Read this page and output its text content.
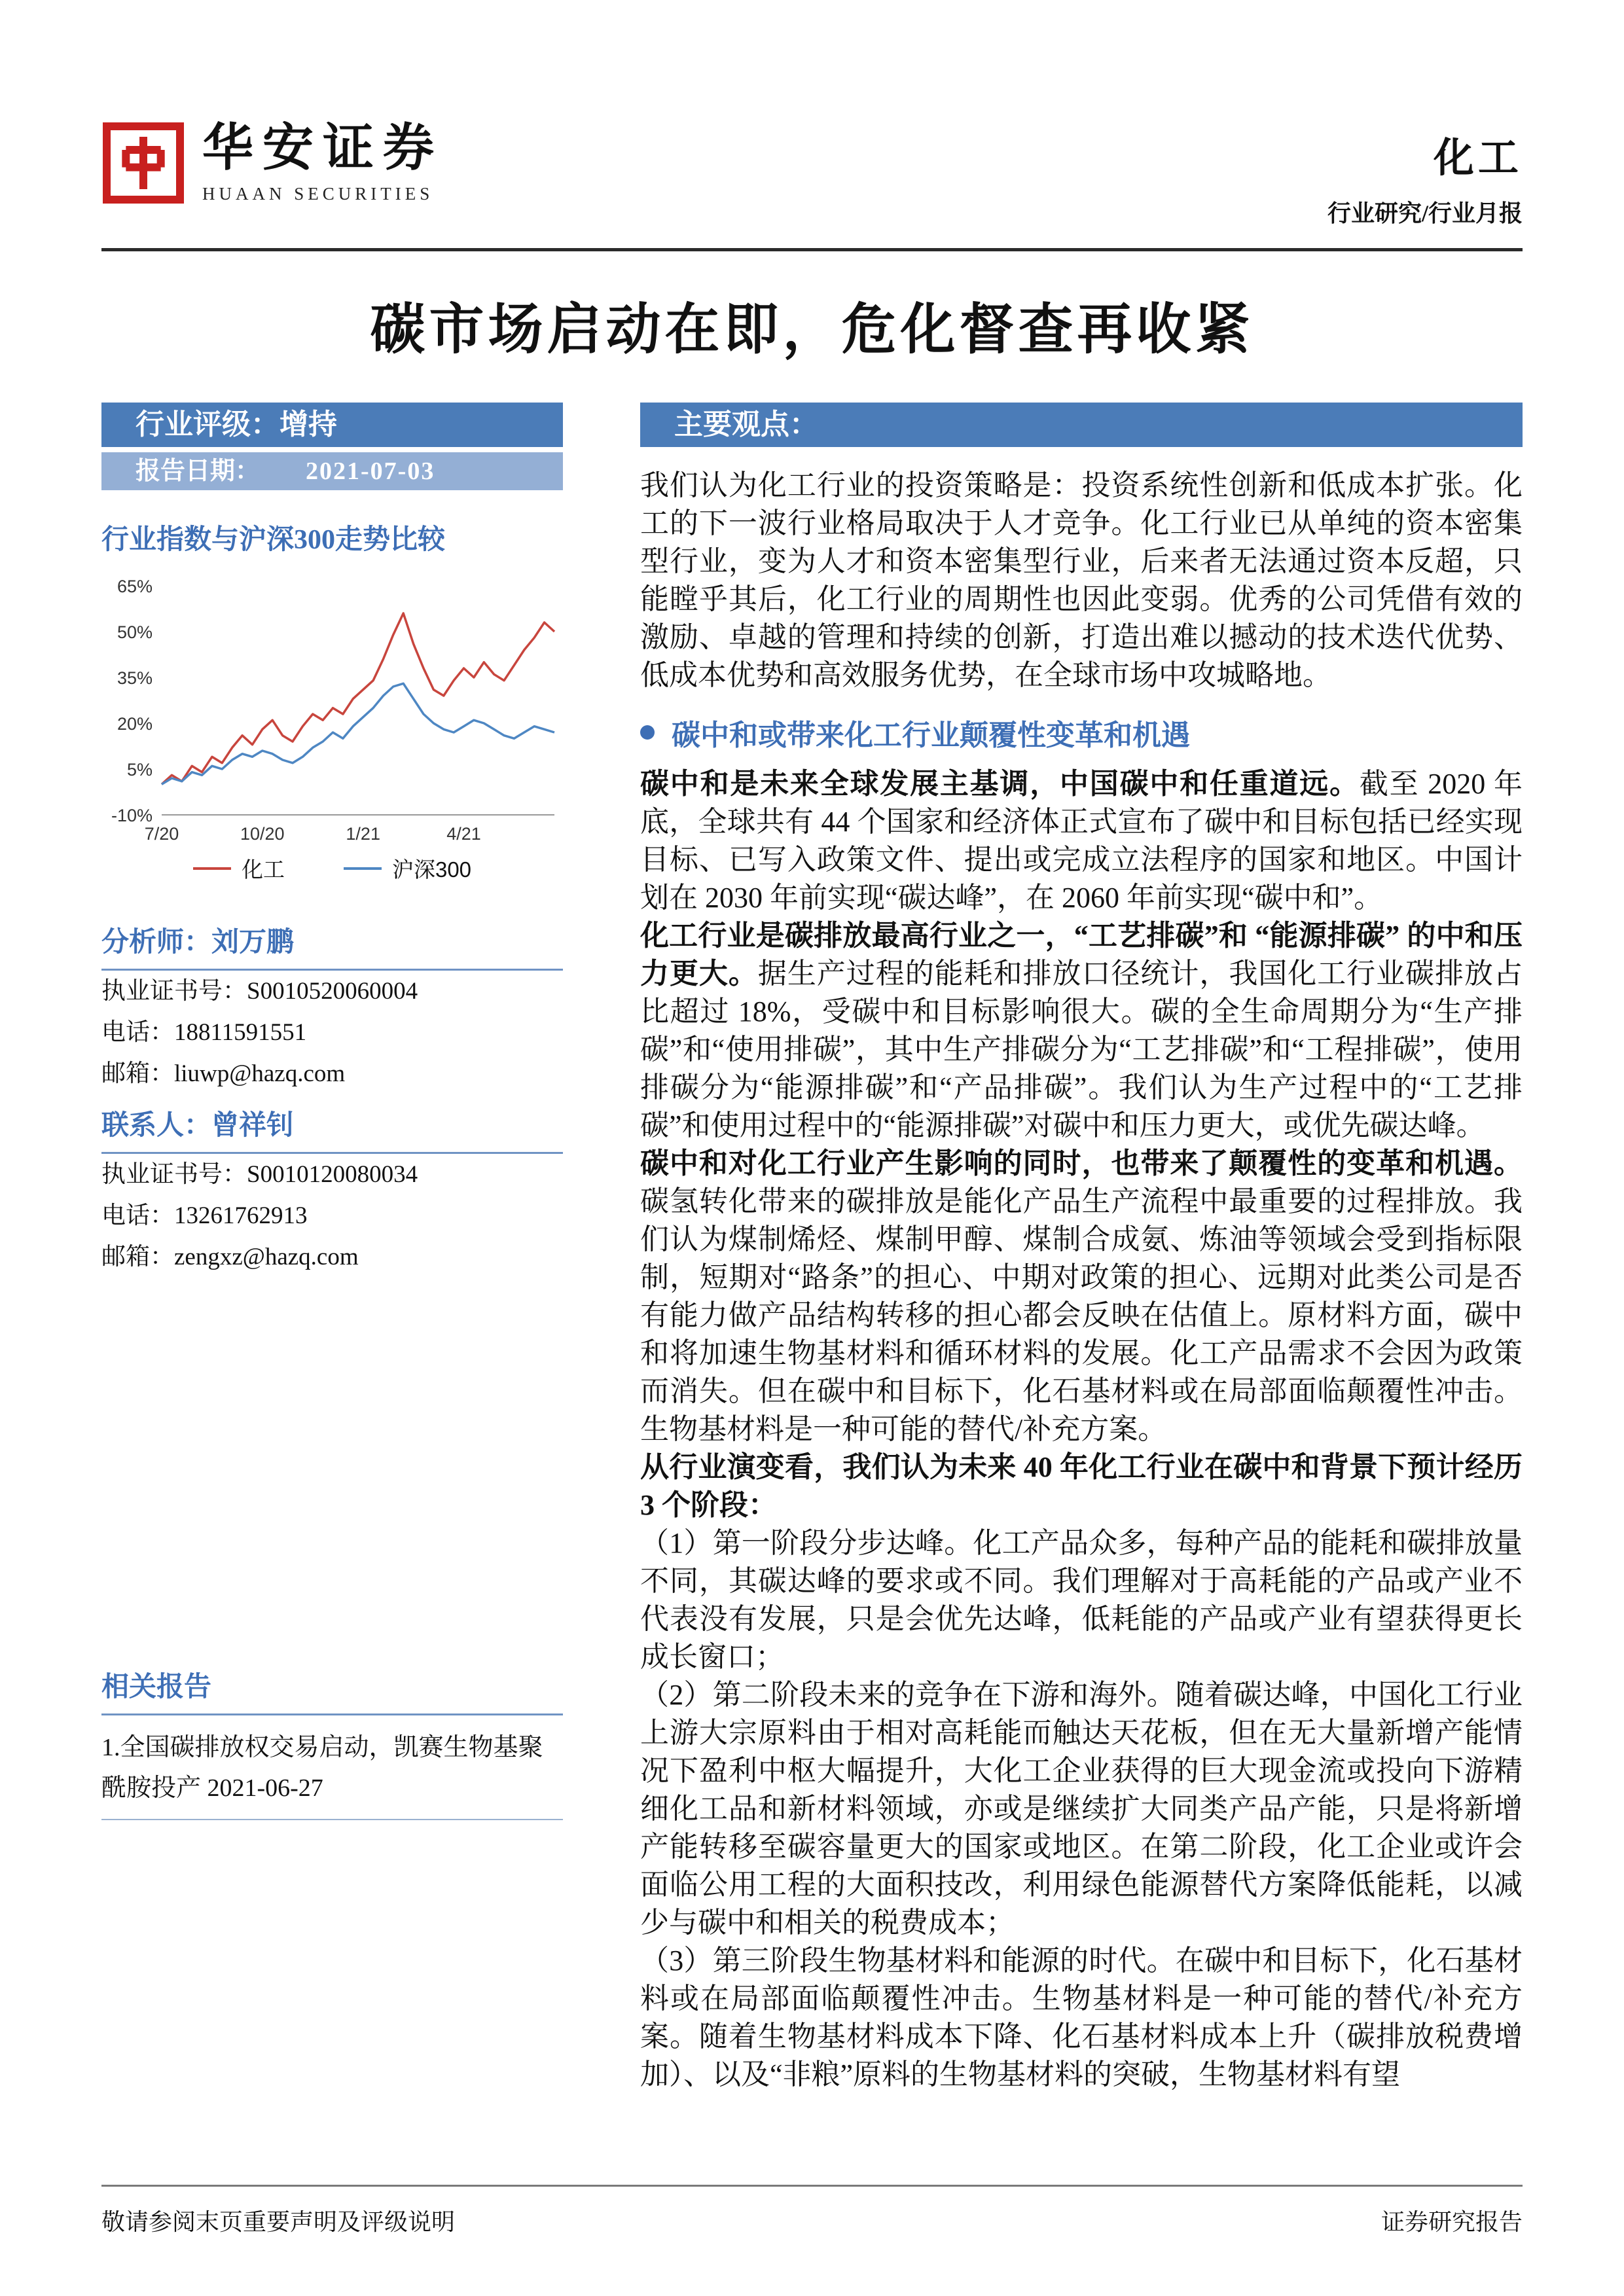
华安证券
HUAAN SECURITIES
化工
行业研究/行业月报
碳市场启动在即，危化督查再收紧
行业评级：增持
报告日期： 2021-07-03
行业指数与沪深300走势比较
65%
50%
35%
20%
5%
-10%
7/20	10/20	1/21	4/21
化工	沪深300
分析师：刘万鹏
执业证书号：S0010520060004
电话：18811591551
邮箱：liuwp@hazq.com
联系人：曾祥钊
执业证书号：S0010120080034
电话：13261762913
邮箱：zengxz@hazq.com
相关报告
1.全国碳排放权交易启动，凯赛生物基聚酰胺投产 2021-06-27
主要观点：

我们认为化工行业的投资策略是：投资系统性创新和低成本扩张。化工的下一波行业格局取决于人才竞争。化工行业已从单纯的资本密集型行业，变为人才和资本密集型行业，后来者无法通过资本反超，只能瞠乎其后，化工行业的周期性也因此变弱。优秀的公司凭借有效的激励、卓越的管理和持续的创新，打造出难以撼动的技术迭代优势、低成本优势和高效服务优势，在全球市场中攻城略地。

碳中和或带来化工行业颠覆性变革和机遇

碳中和是未来全球发展主基调，中国碳中和任重道远。截至 2020 年底，全球共有 44 个国家和经济体正式宣布了碳中和目标包括已经实现目标、已写入政策文件、提出或完成立法程序的国家和地区。中国计划在 2030 年前实现“碳达峰”，在 2060 年前实现“碳中和”。

化工行业是碳排放最高行业之一，“工艺排碳”和 “能源排碳” 的中和压力更大。据生产过程的能耗和排放口径统计，我国化工行业碳排放占比超过 18%，受碳中和目标影响很大。碳的全生命周期分为“生产排碳”和“使用排碳”，其中生产排碳分为“工艺排碳”和“工程排碳”，使用排碳分为“能源排碳”和“产品排碳”。我们认为生产过程中的“工艺排碳”和使用过程中的“能源排碳”对碳中和压力更大，或优先碳达峰。

碳中和对化工行业产生影响的同时，也带来了颠覆性的变革和机遇。碳氢转化带来的碳排放是能化产品生产流程中最重要的过程排放。我们认为煤制烯烃、煤制甲醇、煤制合成氨、炼油等领域会受到指标限制，短期对“路条”的担心、中期对政策的担心、远期对此类公司是否有能力做产品结构转移的担心都会反映在估值上。原材料方面，碳中和将加速生物基材料和循环材料的发展。化工产品需求不会因为政策而消失。但在碳中和目标下，化石基材料或在局部面临颠覆性冲击。生物基材料是一种可能的替代/补充方案。

从行业演变看，我们认为未来 40 年化工行业在碳中和背景下预计经历 3 个阶段：

（1）第一阶段分步达峰。化工产品众多，每种产品的能耗和碳排放量不同，其碳达峰的要求或不同。我们理解对于高耗能的产品或产业不代表没有发展，只是会优先达峰，低耗能的产品或产业有望获得更长成长窗口；

（2）第二阶段未来的竞争在下游和海外。随着碳达峰，中国化工行业上游大宗原料由于相对高耗能而触达天花板，但在无大量新增产能情况下盈利中枢大幅提升，大化工企业获得的巨大现金流或投向下游精细化工品和新材料领域，亦或是继续扩大同类产品产能，只是将新增产能转移至碳容量更大的国家或地区。在第二阶段，化工企业或许会面临公用工程的大面积技改，利用绿色能源替代方案降低能耗，以减少与碳中和相关的税费成本；

（3）第三阶段生物基材料和能源的时代。在碳中和目标下，化石基材料或在局部面临颠覆性冲击。生物基材料是一种可能的替代/补充方案。随着生物基材料成本下降、化石基材料成本上升（碳排放税费增加）、以及“非粮”原料的生物基材料的突破，生物基材料有望

敬请参阅末页重要声明及评级说明	证券研究报告
